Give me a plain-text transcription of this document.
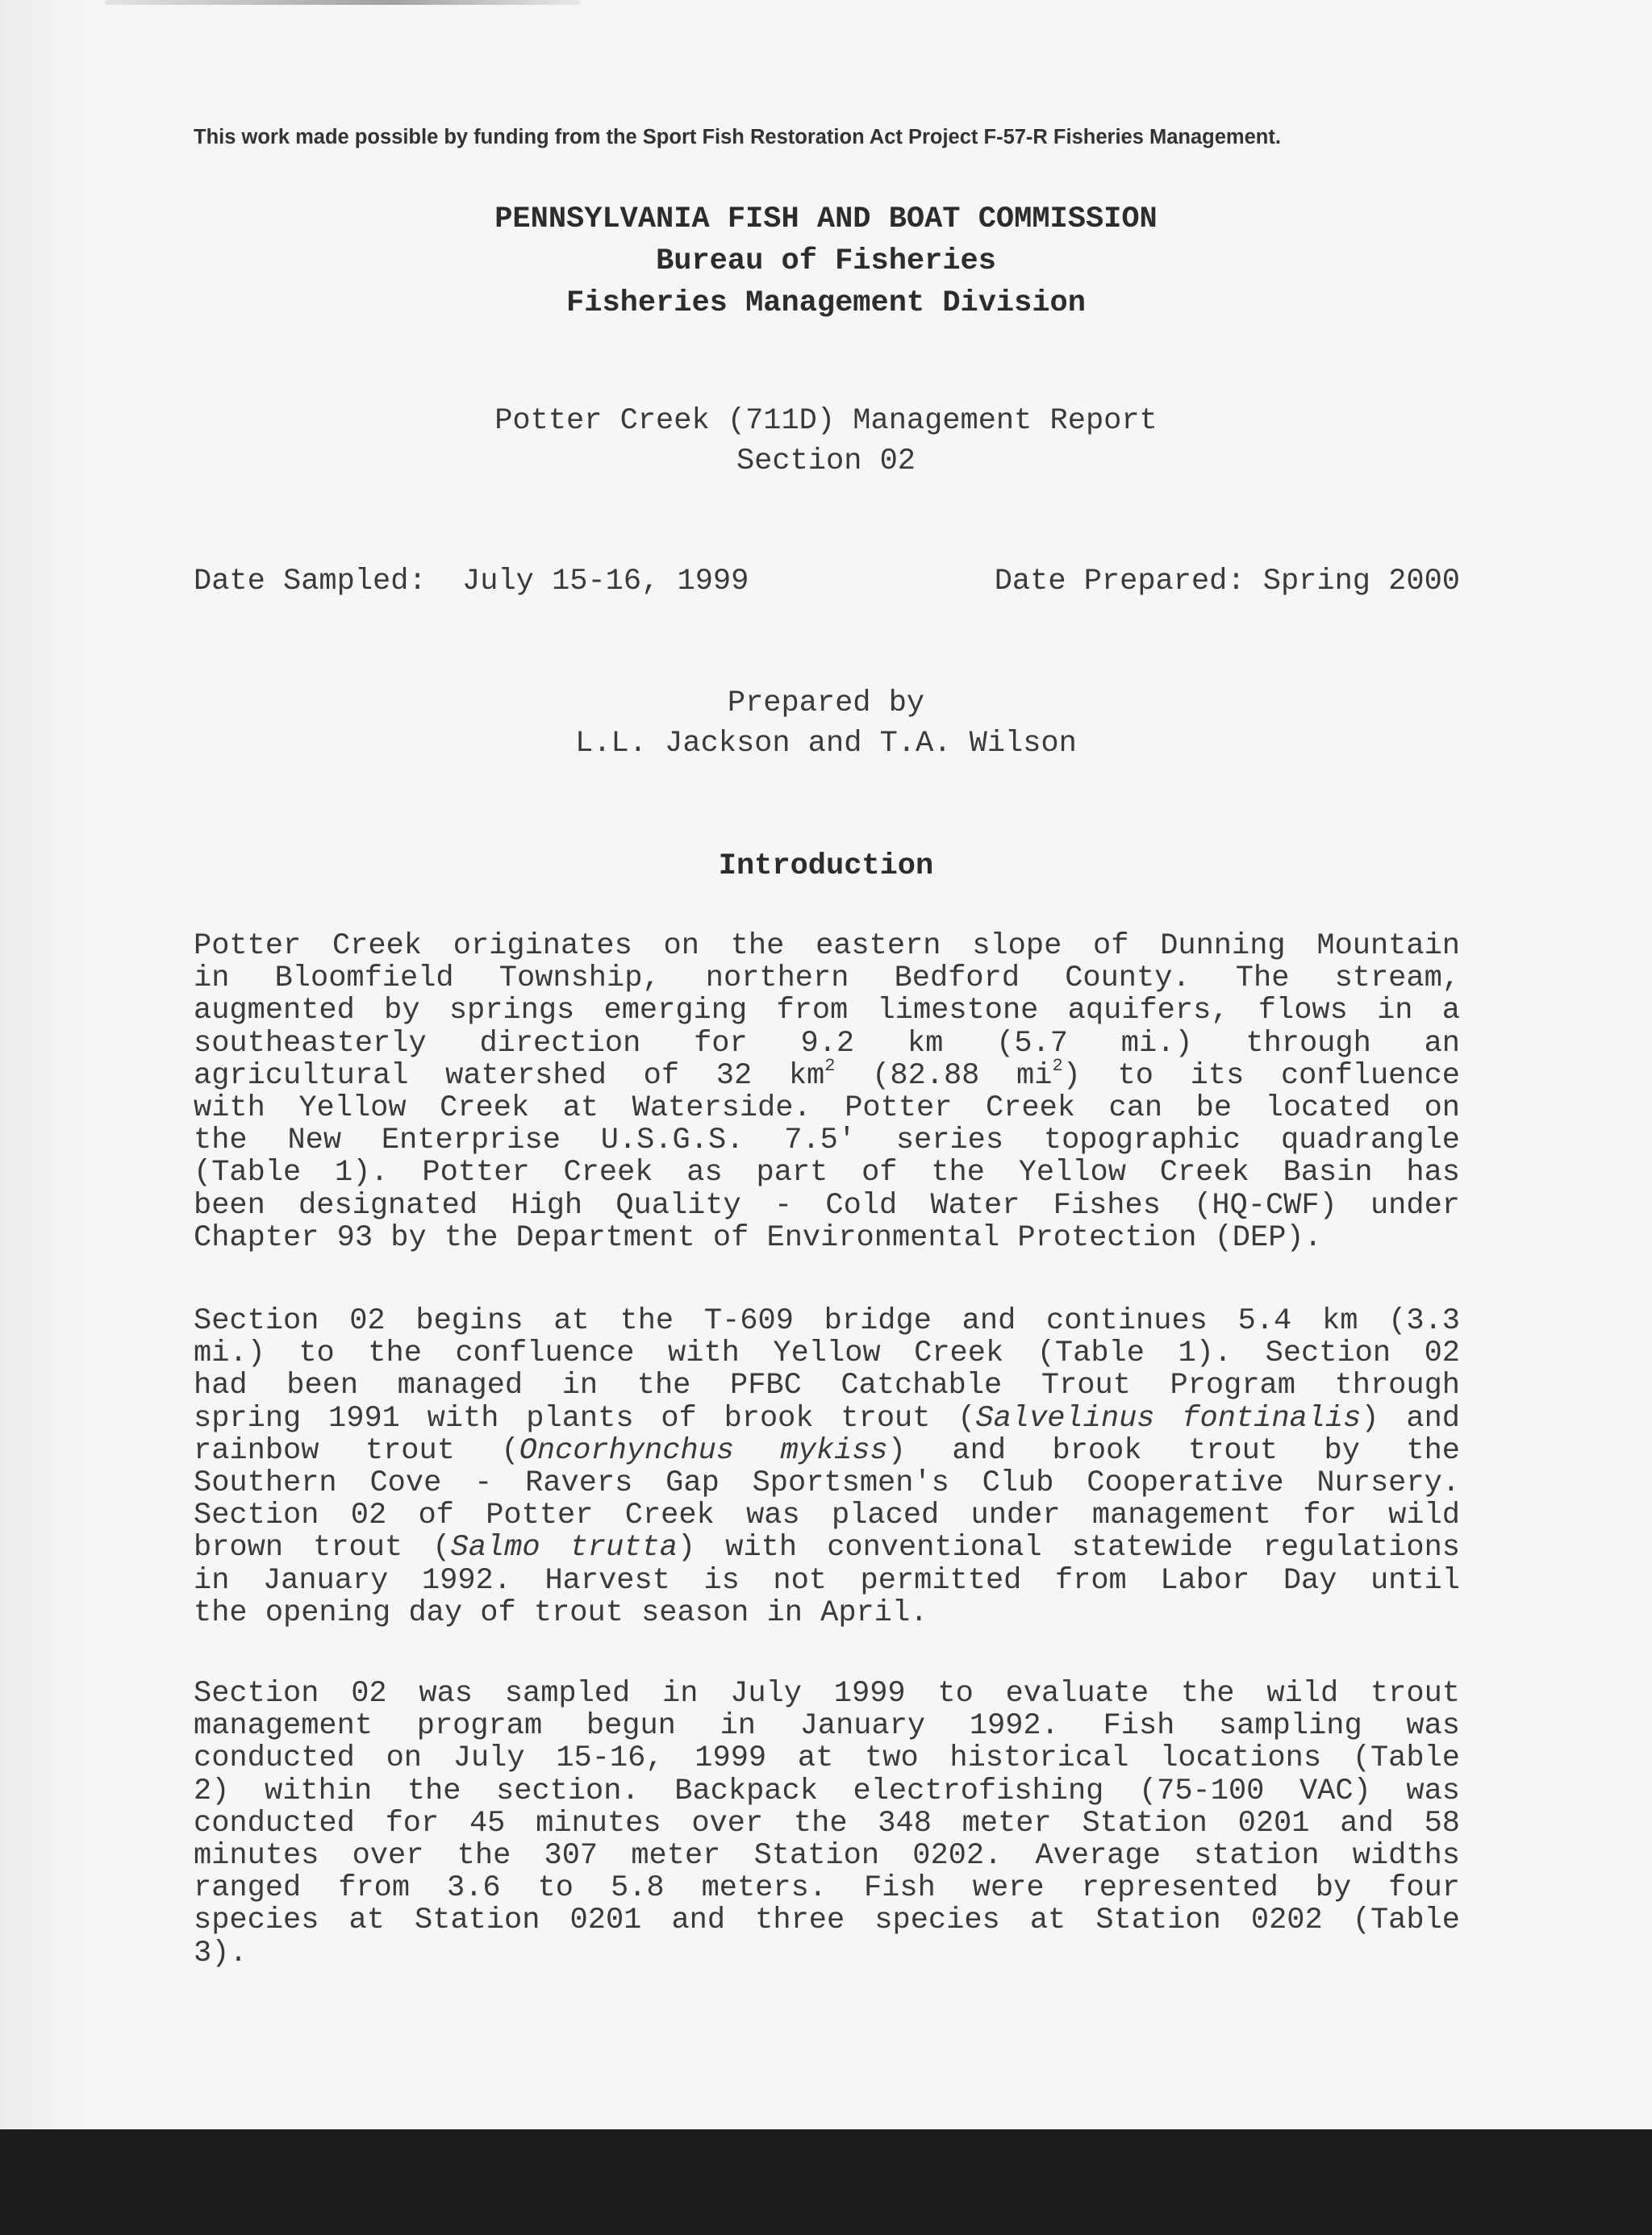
This work made possible by funding from the Sport Fish Restoration Act Project F-57-R Fisheries Management.
PENNSYLVANIA FISH AND BOAT COMMISSION
Bureau of Fisheries
Fisheries Management Division
Potter Creek (711D) Management Report
Section 02
Prepared by
L.L. Jackson and T.A. Wilson
Introduction
Date Sampled:  July 15-16, 1999	Date Prepared: Spring 2000
Potter Creek originates on the eastern slope of Dunning Mountain
in Bloomfield Township, northern Bedford County. The stream,
augmented by springs emerging from limestone aquifers, flows in a
southeasterly direction for 9.2 km (5.7 mi.) through an
agricultural watershed of 32 $km^2$ (82.88 $mi^2$) to its confluence
with Yellow Creek at Waterside. Potter Creek can be located on
the New Enterprise U.S.G.S. 7.5' series topographic quadrangle
(Table 1). Potter Creek as part of the Yellow Creek Basin has
been designated High Quality - Cold Water Fishes (HQ-CWF) under
Chapter 93 by the Department of Environmental Protection (DEP).
Section 02 begins at the T-609 bridge and continues 5.4 km (3.3
mi.) to the confluence with Yellow Creek (Table 1). Section 02
had been managed in the PFBC Catchable Trout Program through
spring 1991 with plants of brook trout (Salvelinus fontinalis) and
rainbow trout (Oncorhynchus mykiss) and brook trout by the
Southern Cove - Ravers Gap Sportsmen's Club Cooperative Nursery.
Section 02 of Potter Creek was placed under management for wild
brown trout (Salmo trutta) with conventional statewide regulations
in January 1992. Harvest is not permitted from Labor Day until
the opening day of trout season in April.
Section 02 was sampled in July 1999 to evaluate the wild trout
management program begun in January 1992. Fish sampling was
conducted on July 15-16, 1999 at two historical locations (Table
2) within the section. Backpack electrofishing (75-100 VAC) was
conducted for 45 minutes over the 348 meter Station 0201 and 58
minutes over the 307 meter Station 0202. Average station widths
ranged from 3.6 to 5.8 meters. Fish were represented by four
species at Station 0201 and three species at Station 0202 (Table
3).
